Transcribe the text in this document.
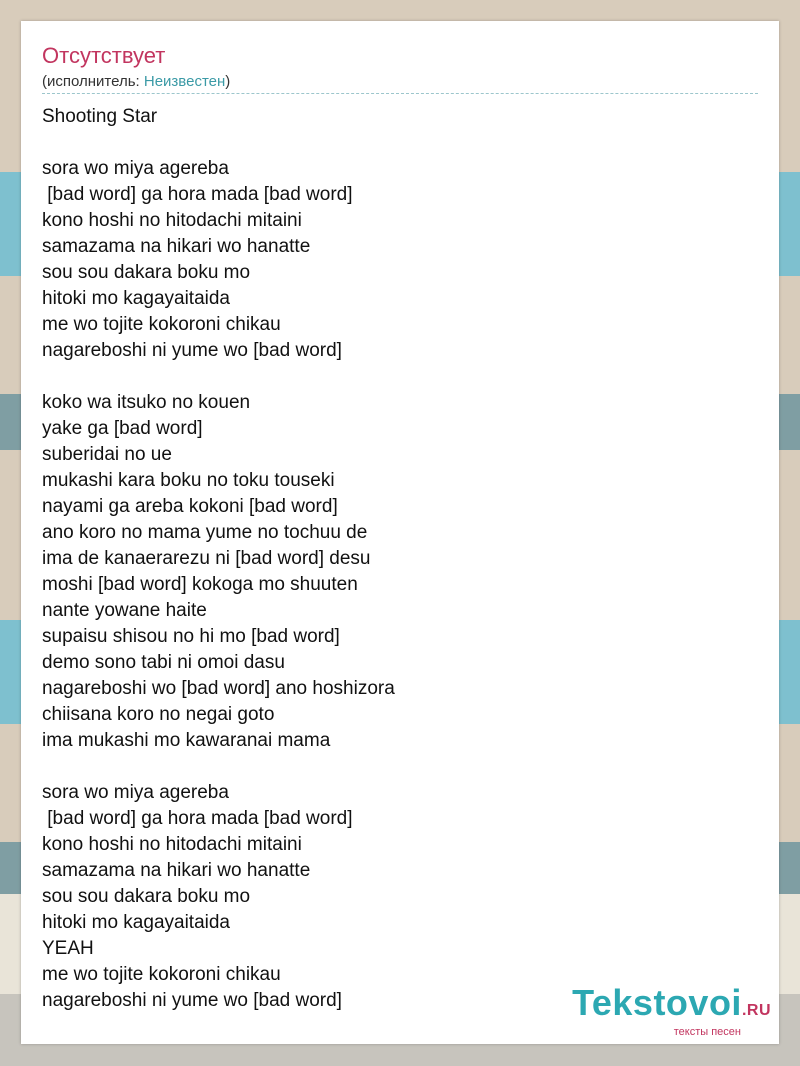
Отсутствует
(исполнитель: Неизвестен)
Shooting Star

sora wo miya agereba
[bad word] ga hora mada [bad word]
kono hoshi no hitodachi mitaini
samazama na hikari wo hanatte
sou sou dakara boku mo
hitoki mo kagayaitaida
me wo tojite kokoroni chikau
nagareboshi ni yume wo [bad word]

koko wa itsuko no kouen
yake ga [bad word]
suberidai no ue
mukashi kara boku no toku touseki
nayami ga areba kokoni [bad word]
ano koro no mama yume no tochuu de
ima de kanaerarezu ni [bad word] desu
moshi [bad word] kokoga mo shuuten
nante yowane haite
supaisu shisou no hi mo [bad word]
demo sono tabi ni omoi dasu
nagareboshi wo [bad word] ano hoshizora
chiisana koro no negai goto
ima mukashi mo kawaranai mama

sora wo miya agereba
[bad word] ga hora mada [bad word]
kono hoshi no hitodachi mitaini
samazama na hikari wo hanatte
sou sou dakara boku mo
hitoki mo kagayaitaida
YEAH
me wo tojite kokoroni chikau
nagareboshi ni yume wo [bad word]	Tekstovoi.RU
тексты песен
